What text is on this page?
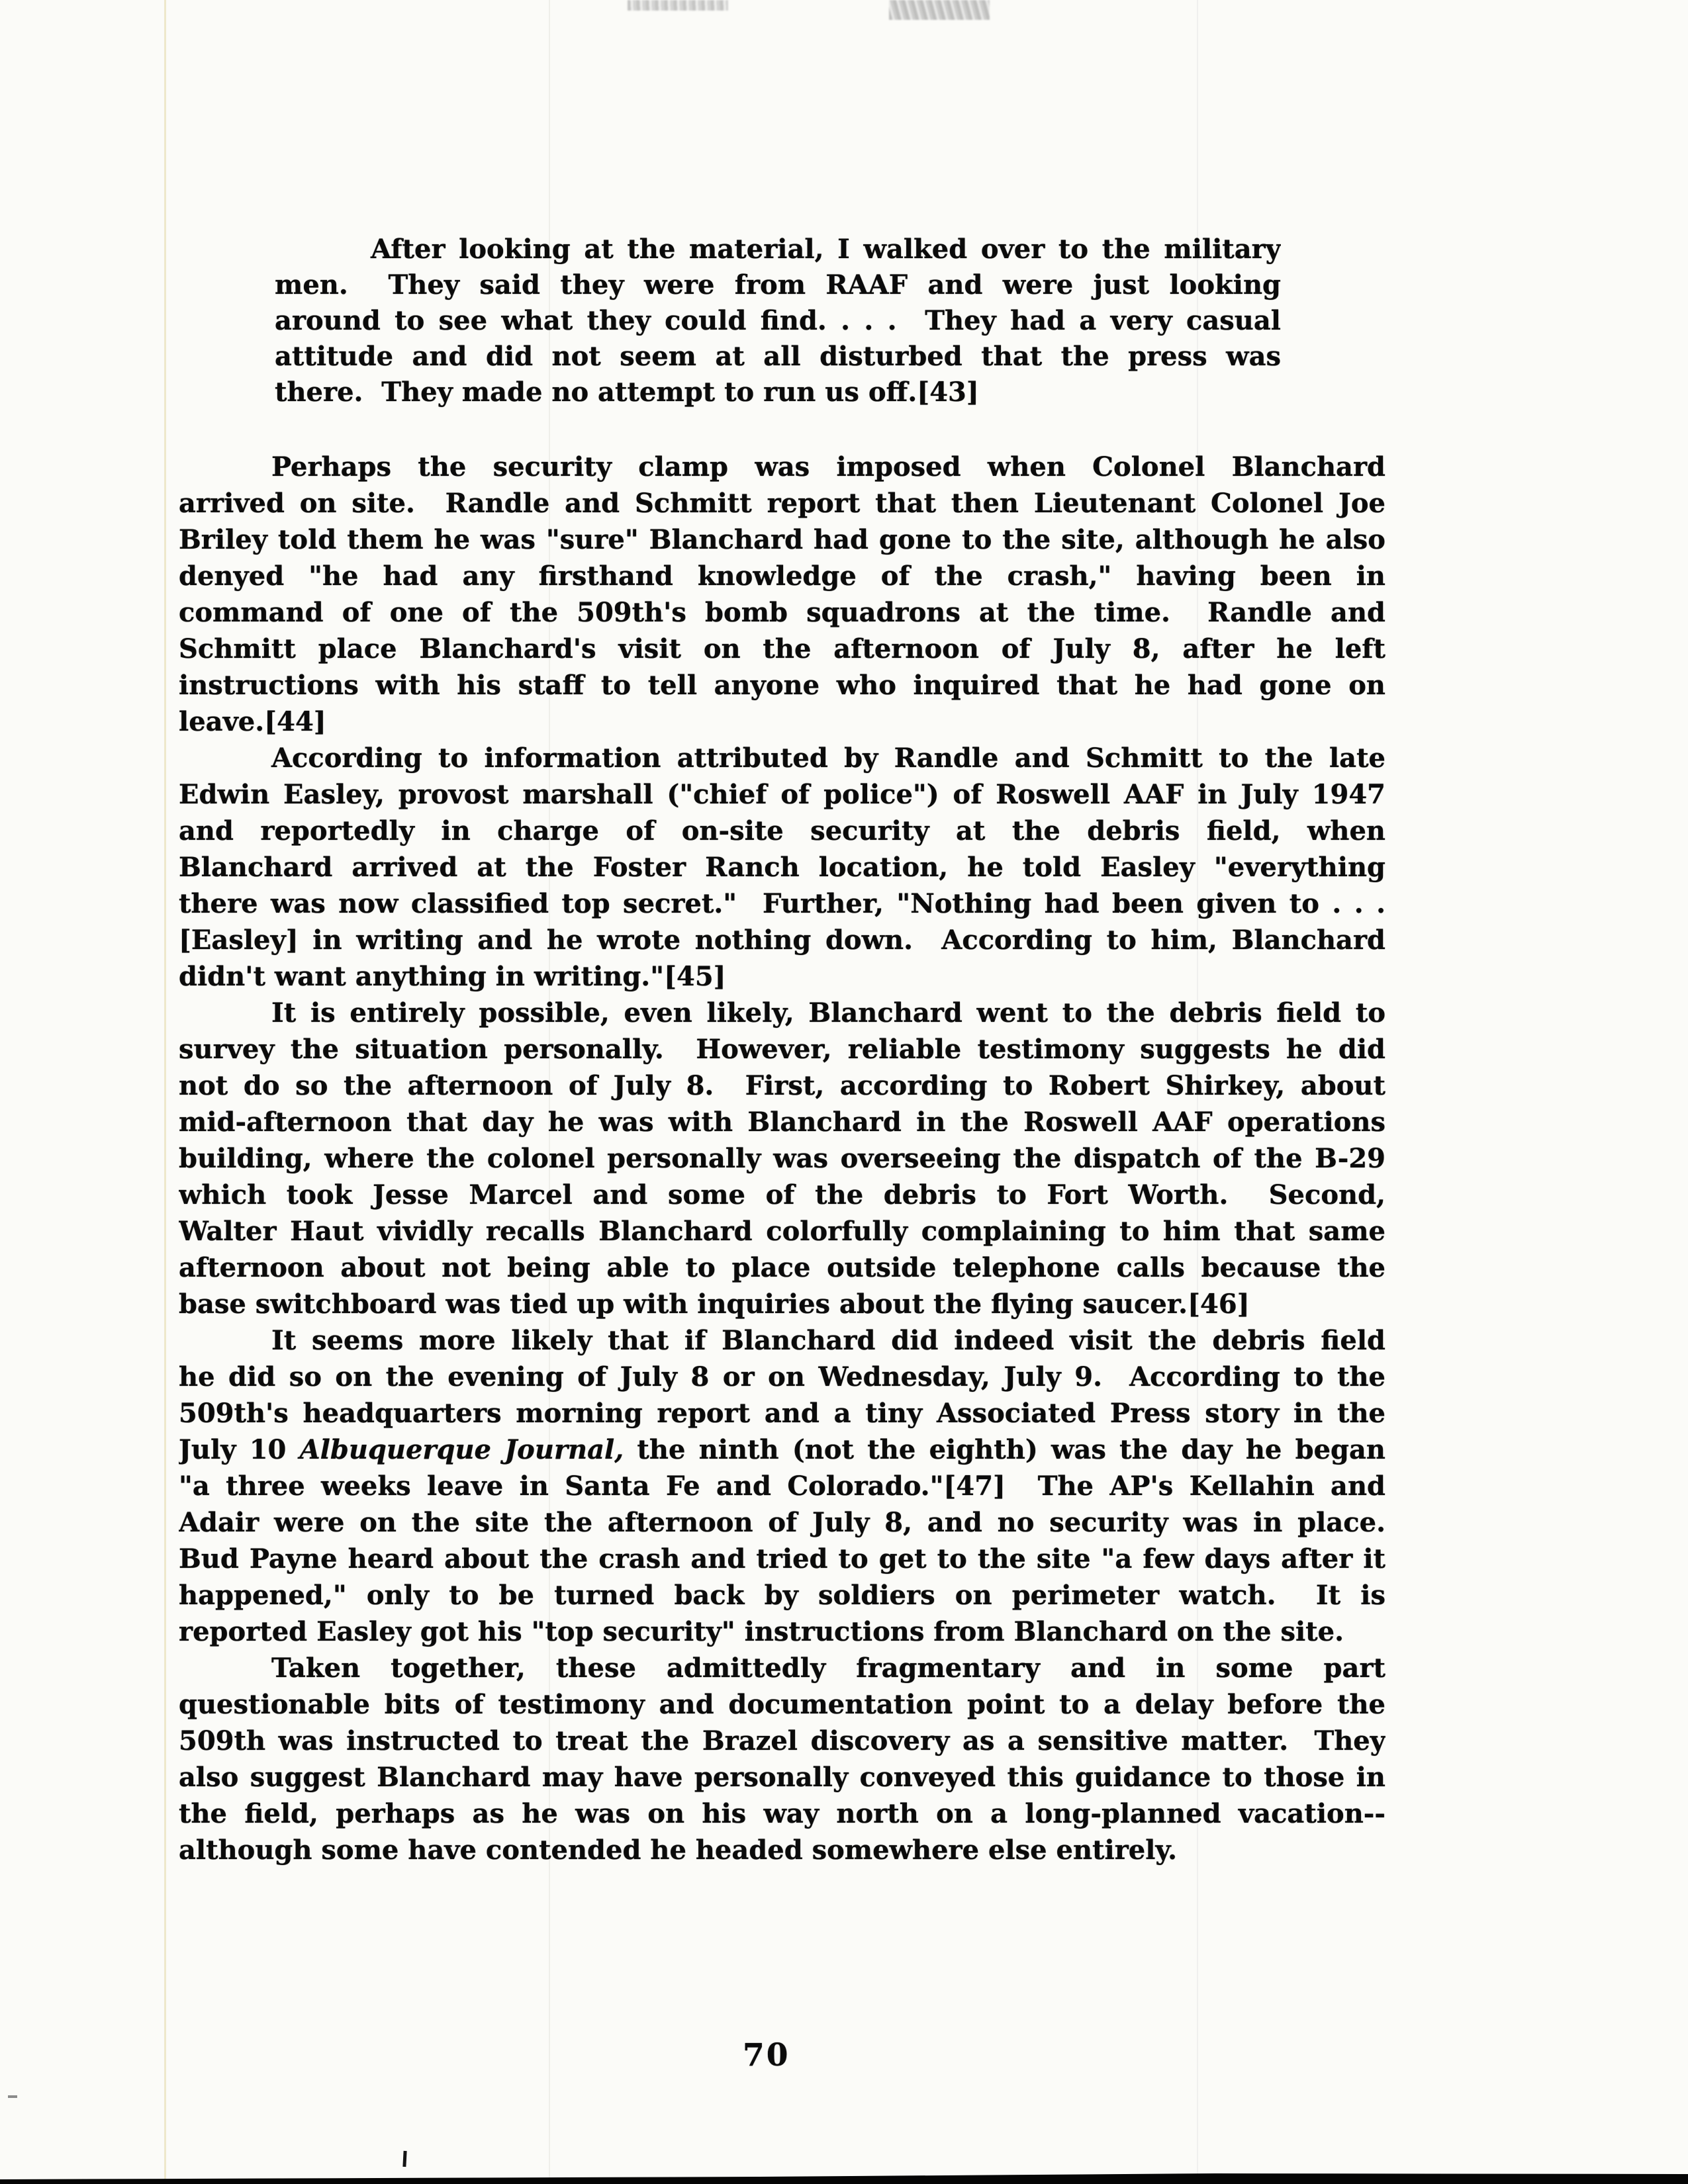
After looking at the material, I walked over to the military
men.  They said they were from RAAF and were just looking
around to see what they could find. . . .  They had a very casual
attitude and did not seem at all disturbed that the press was
there.  They made no attempt to run us off.[43]
Perhaps the security clamp was imposed when Colonel Blanchard
arrived on site.  Randle and Schmitt report that then Lieutenant Colonel Joe
Briley told them he was "sure" Blanchard had gone to the site, although he also
denyed "he had any firsthand knowledge of the crash," having been in
command of one of the 509th's bomb squadrons at the time.  Randle and
Schmitt place Blanchard's visit on the afternoon of July 8, after he left
instructions with his staff to tell anyone who inquired that he had gone on
leave.[44]
According to information attributed by Randle and Schmitt to the late
Edwin Easley, provost marshall ("chief of police") of Roswell AAF in July 1947
and reportedly in charge of on-site security at the debris field, when
Blanchard arrived at the Foster Ranch location, he told Easley "everything
there was now classified top secret."  Further, "Nothing had been given to . . .
[Easley] in writing and he wrote nothing down.  According to him, Blanchard
didn't want anything in writing."[45]
It is entirely possible, even likely, Blanchard went to the debris field to
survey the situation personally.  However, reliable testimony suggests he did
not do so the afternoon of July 8.  First, according to Robert Shirkey, about
mid-afternoon that day he was with Blanchard in the Roswell AAF operations
building, where the colonel personally was overseeing the dispatch of the B-29
which took Jesse Marcel and some of the debris to Fort Worth.  Second,
Walter Haut vividly recalls Blanchard colorfully complaining to him that same
afternoon about not being able to place outside telephone calls because the
base switchboard was tied up with inquiries about the flying saucer.[46]
It seems more likely that if Blanchard did indeed visit the debris field
he did so on the evening of July 8 or on Wednesday, July 9.  According to the
509th's headquarters morning report and a tiny Associated Press story in the
July 10 Albuquerque Journal, the ninth (not the eighth) was the day he began
"a three weeks leave in Santa Fe and Colorado."[47]  The AP's Kellahin and
Adair were on the site the afternoon of July 8, and no security was in place.
Bud Payne heard about the crash and tried to get to the site "a few days after it
happened," only to be turned back by soldiers on perimeter watch.  It is
reported Easley got his "top security" instructions from Blanchard on the site.
Taken together, these admittedly fragmentary and in some part
questionable bits of testimony and documentation point to a delay before the
509th was instructed to treat the Brazel discovery as a sensitive matter.  They
also suggest Blanchard may have personally conveyed this guidance to those in
the field, perhaps as he was on his way north on a long-planned vacation--
although some have contended he headed somewhere else entirely.
70
